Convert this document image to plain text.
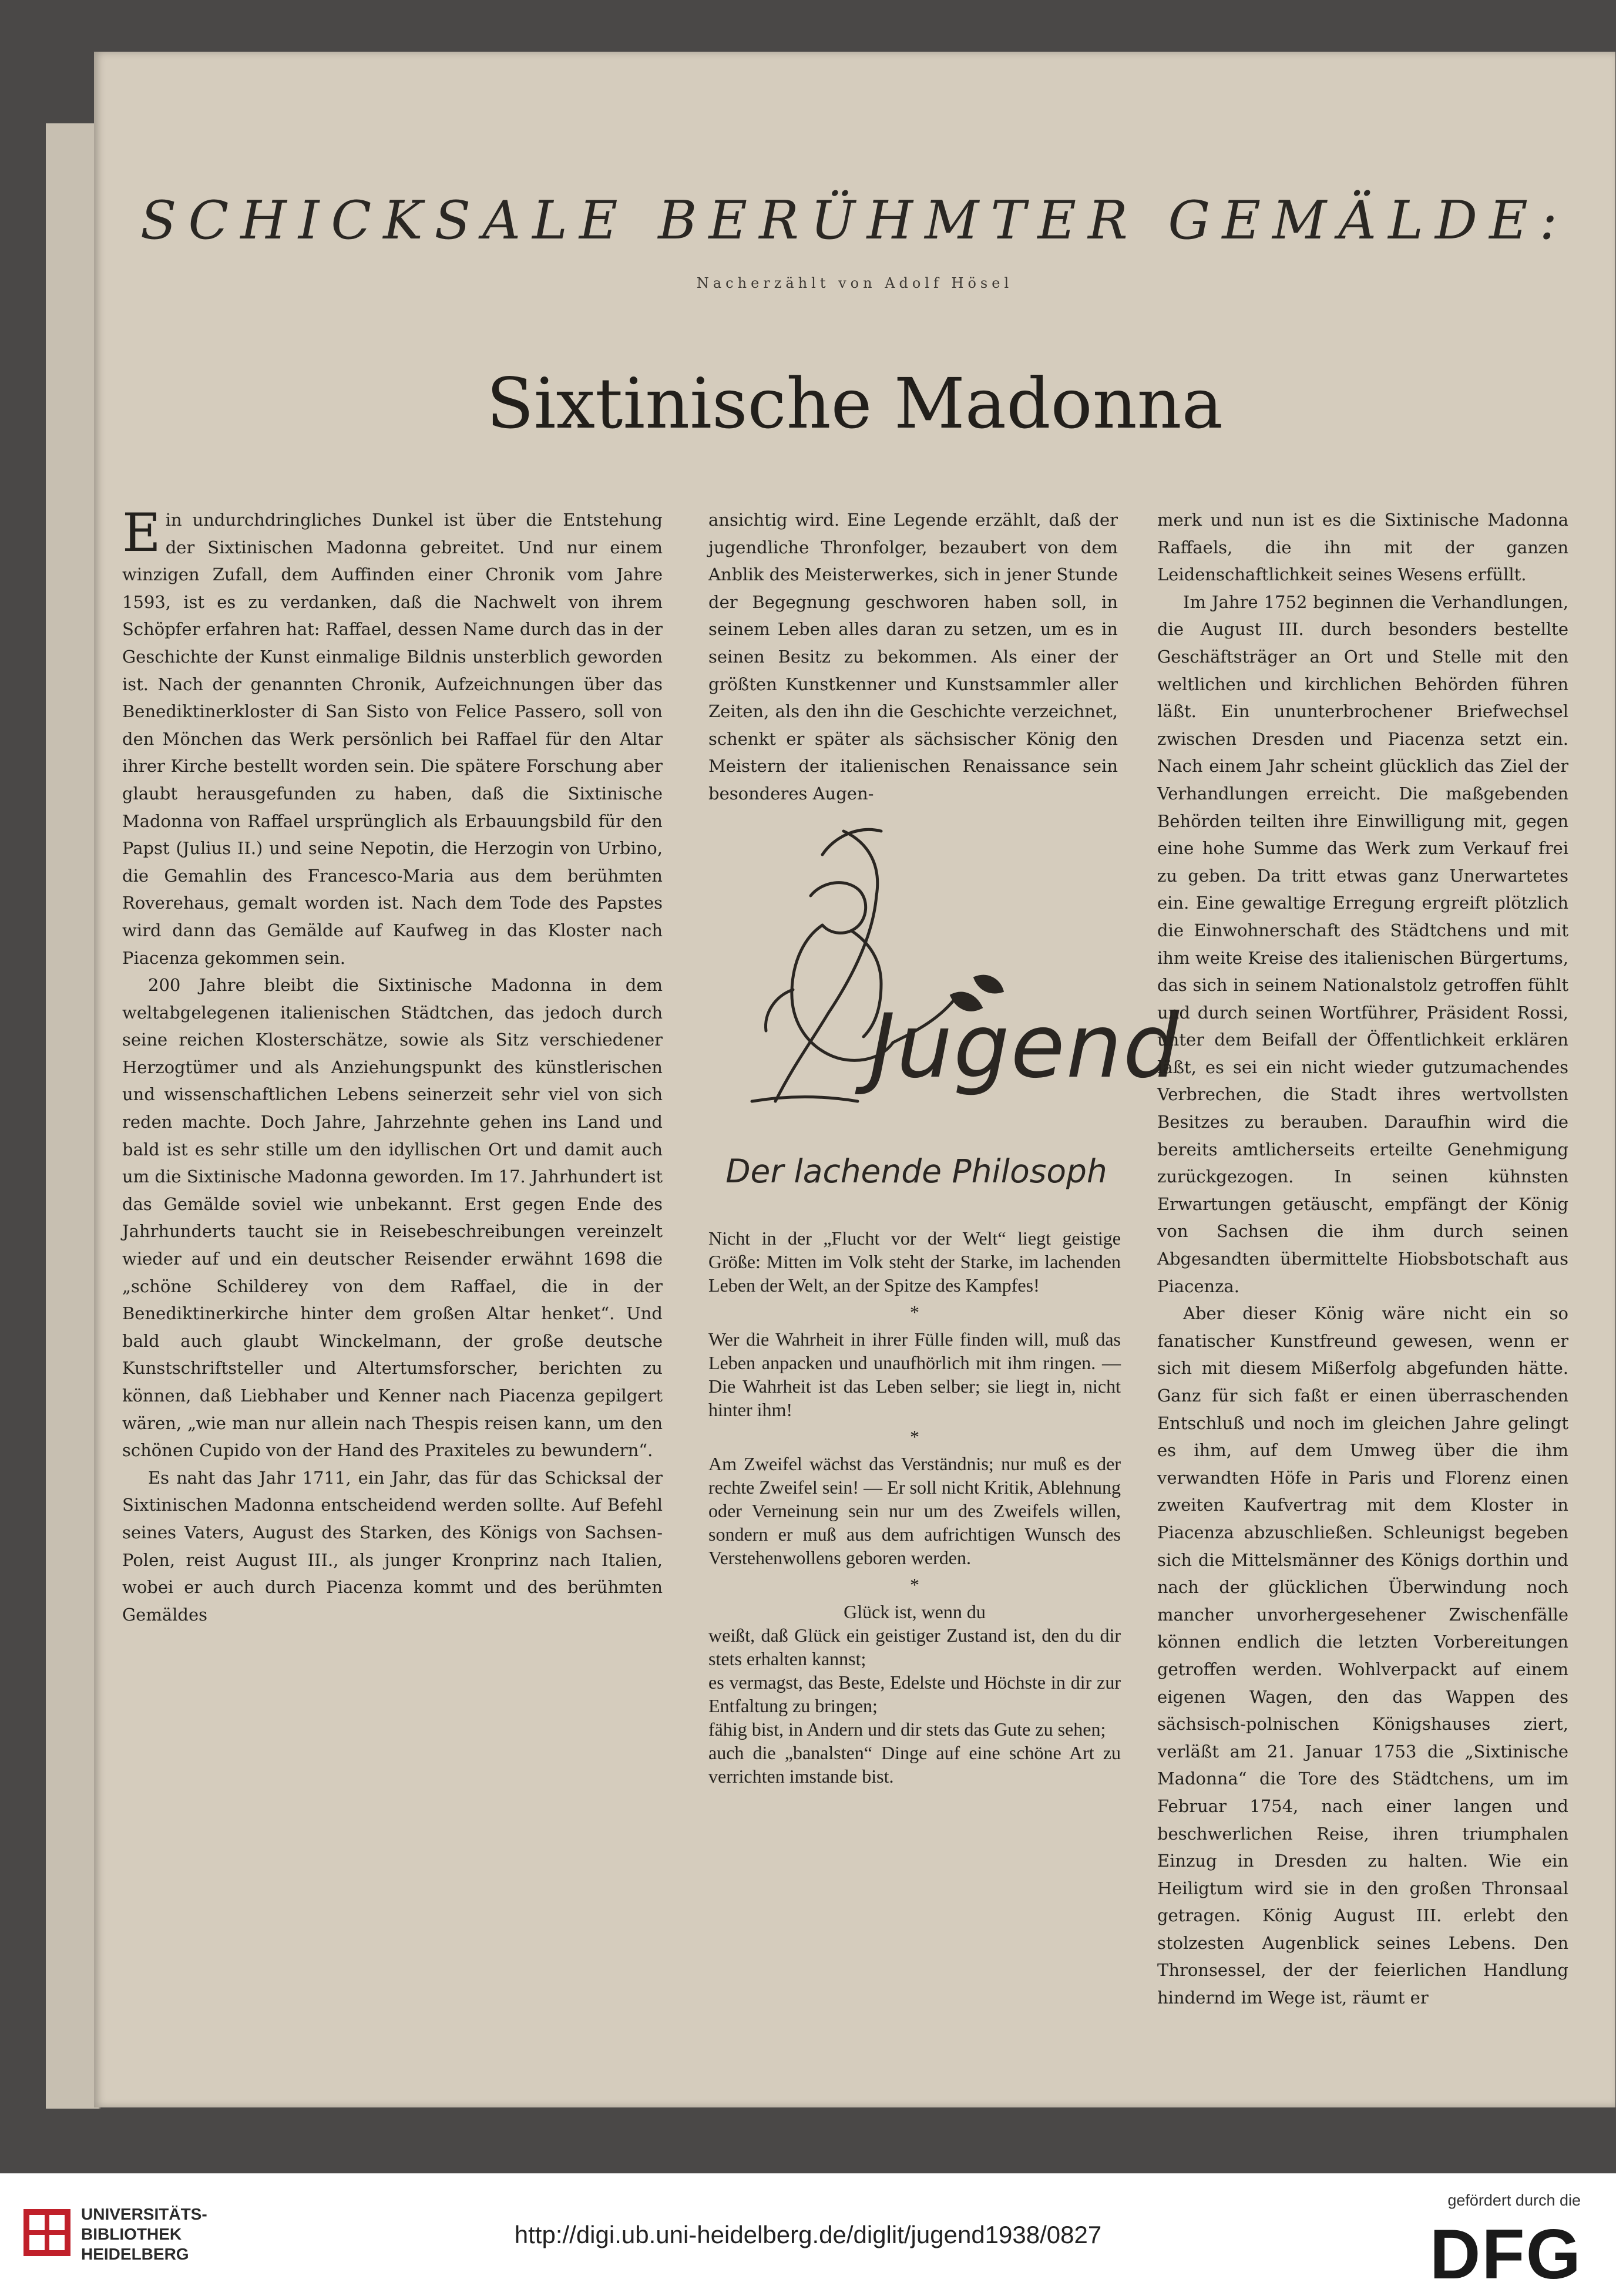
SCHICKSALE BERÜHMTER GEMÄLDE:
Nacherzählt von Adolf Hösel
Sixtinische Madonna

Ein undurchdringliches Dunkel ist über die Entstehung der Sixtinischen Madonna gebreitet. Und nur einem winzigen Zufall, dem Auffinden einer Chronik vom Jahre 1593, ist es zu verdanken, daß die Nachwelt von ihrem Schöpfer erfahren hat: Raffael, dessen Name durch das in der Geschichte der Kunst einmalige Bildnis unsterblich geworden ist. Nach der genannten Chronik, Aufzeichnungen über das Benediktinerkloster di San Sisto von Felice Passero, soll von den Mönchen das Werk persönlich bei Raffael für den Altar ihrer Kirche bestellt worden sein. Die spätere Forschung aber glaubt herausgefunden zu haben, daß die Sixtinische Madonna von Raffael ursprünglich als Erbauungsbild für den Papst (Julius II.) und seine Nepotin, die Herzogin von Urbino, die Gemahlin des Francesco-Maria aus dem berühmten Roverehaus, gemalt worden ist. Nach dem Tode des Papstes wird dann das Gemälde auf Kaufweg in das Kloster nach Piacenza gekommen sein.

200 Jahre bleibt die Sixtinische Madonna in dem weltabgelegenen italienischen Städtchen, das jedoch durch seine reichen Klosterschätze, sowie als Sitz verschiedener Herzogtümer und als Anziehungspunkt des künstlerischen und wissenschaftlichen Lebens seinerzeit sehr viel von sich reden machte. Doch Jahre, Jahrzehnte gehen ins Land und bald ist es sehr stille um den idyllischen Ort und damit auch um die Sixtinische Madonna geworden. Im 17. Jahrhundert ist das Gemälde soviel wie unbekannt. Erst gegen Ende des Jahrhunderts taucht sie in Reisebeschreibungen vereinzelt wieder auf und ein deutscher Reisender erwähnt 1698 die „schöne Schilderey von dem Raffael, die in der Benediktinerkirche hinter dem großen Altar henket“. Und bald auch glaubt Winckelmann, der große deutsche Kunstschriftsteller und Altertumsforscher, berichten zu können, daß Liebhaber und Kenner nach Piacenza gepilgert wären, „wie man nur allein nach Thespis reisen kann, um den schönen Cupido von der Hand des Praxiteles zu bewundern“.

Es naht das Jahr 1711, ein Jahr, das für das Schicksal der Sixtinischen Madonna entscheidend werden sollte. Auf Befehl seines Vaters, August des Starken, des Königs von Sachsen-Polen, reist August III., als junger Kronprinz nach Italien, wobei er auch durch Piacenza kommt und des berühmten Gemäldes

ansichtig wird. Eine Legende erzählt, daß der jugendliche Thronfolger, bezaubert von dem Anblik des Meisterwerkes, sich in jener Stunde der Begegnung geschworen haben soll, in seinem Leben alles daran zu setzen, um es in seinen Besitz zu bekommen. Als einer der größten Kunstkenner und Kunstsammler aller Zeiten, als den ihn die Geschichte verzeichnet, schenkt er später als sächsischer König den Meistern der italienischen Renaissance sein besonderes Augen-

Jugend
Der lachende Philosoph

Nicht in der „Flucht vor der Welt“ liegt geistige Größe: Mitten im Volk steht der Starke, im lachenden Leben der Welt, an der Spitze des Kampfes!

*

Wer die Wahrheit in ihrer Fülle finden will, muß das Leben anpacken und unaufhörlich mit ihm ringen. — Die Wahrheit ist das Leben selber; sie liegt in, nicht hinter ihm!

*

Am Zweifel wächst das Verständnis; nur muß es der rechte Zweifel sein! — Er soll nicht Kritik, Ablehnung oder Verneinung sein nur um des Zweifels willen, sondern er muß aus dem aufrichtigen Wunsch des Verstehenwollens geboren werden.

*

Glück ist, wenn du

weißt, daß Glück ein geistiger Zustand ist, den du dir stets erhalten kannst;

es vermagst, das Beste, Edelste und Höchste in dir zur Entfaltung zu bringen;

fähig bist, in Andern und dir stets das Gute zu sehen;

auch die „banalsten“ Dinge auf eine schöne Art zu verrichten imstande bist.

merk und nun ist es die Sixtinische Madonna Raffaels, die ihn mit der ganzen Leidenschaftlichkeit seines Wesens erfüllt.

Im Jahre 1752 beginnen die Verhandlungen, die August III. durch besonders bestellte Geschäftsträger an Ort und Stelle mit den weltlichen und kirchlichen Behörden führen läßt. Ein ununterbrochener Briefwechsel zwischen Dresden und Piacenza setzt ein. Nach einem Jahr scheint glücklich das Ziel der Verhandlungen erreicht. Die maßgebenden Behörden teilten ihre Einwilligung mit, gegen eine hohe Summe das Werk zum Verkauf frei zu geben. Da tritt etwas ganz Unerwartetes ein. Eine gewaltige Erregung ergreift plötzlich die Einwohnerschaft des Städtchens und mit ihm weite Kreise des italienischen Bürgertums, das sich in seinem Nationalstolz getroffen fühlt und durch seinen Wortführer, Präsident Rossi, unter dem Beifall der Öffentlichkeit erklären läßt, es sei ein nicht wieder gutzumachendes Verbrechen, die Stadt ihres wertvollsten Besitzes zu berauben. Daraufhin wird die bereits amtlicherseits erteilte Genehmigung zurückgezogen. In seinen kühnsten Erwartungen getäuscht, empfängt der König von Sachsen die ihm durch seinen Abgesandten übermittelte Hiobsbotschaft aus Piacenza.

Aber dieser König wäre nicht ein so fanatischer Kunstfreund gewesen, wenn er sich mit diesem Mißerfolg abgefunden hätte. Ganz für sich faßt er einen überraschenden Entschluß und noch im gleichen Jahre gelingt es ihm, auf dem Umweg über die ihm verwandten Höfe in Paris und Florenz einen zweiten Kaufvertrag mit dem Kloster in Piacenza abzuschließen. Schleunigst begeben sich die Mittelsmänner des Königs dorthin und nach der glücklichen Überwindung noch mancher unvorhergesehener Zwischenfälle können endlich die letzten Vorbereitungen getroffen werden. Wohlverpackt auf einem eigenen Wagen, den das Wappen des sächsisch-polnischen Königshauses ziert, verläßt am 21. Januar 1753 die „Sixtinische Madonna“ die Tore des Städtchens, um im Februar 1754, nach einer langen und beschwerlichen Reise, ihren triumphalen Einzug in Dresden zu halten. Wie ein Heiligtum wird sie in den großen Thronsaal getragen. König August III. erlebt den stolzesten Augenblick seines Lebens. Den Thronsessel, der der feierlichen Handlung hindernd im Wege ist, räumt er

UNIVERSITÄTS-
BIBLIOTHEK
HEIDELBERG
http://digi.ub.uni-heidelberg.de/diglit/jugend1938/0827
gefördert durch die
DFG
